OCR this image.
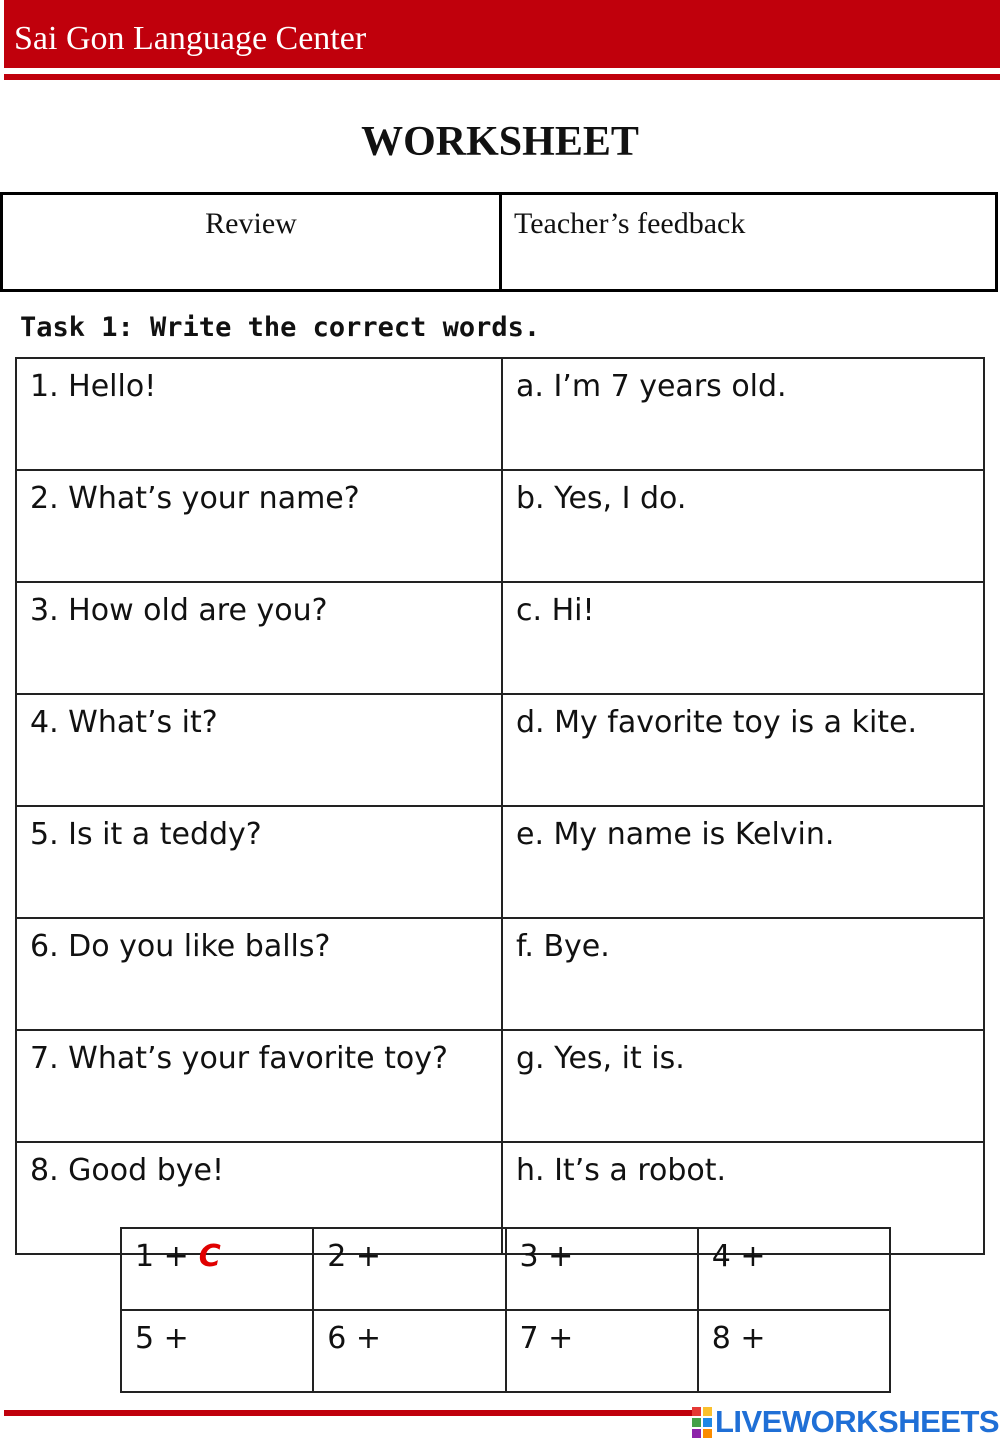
Sai Gon Language Center
WORKSHEET
Review	Teacher’s feedback
Task 1: Write the correct words.
1. Hello!	a. I’m 7 years old.
2. What’s your name?	b. Yes, I do.
3. How old are you?	c. Hi!
4. What’s it?	d. My favorite toy is a kite.
5. Is it a teddy?	e. My name is Kelvin.
6. Do you like balls?	f. Bye.
7. What’s your favorite toy?	g. Yes, it is.
8. Good bye!	h. It’s a robot.
1 + C	2 +	3 +	4 +
5 +	6 +	7 +	8 +
LIVEWORKSHEETS
